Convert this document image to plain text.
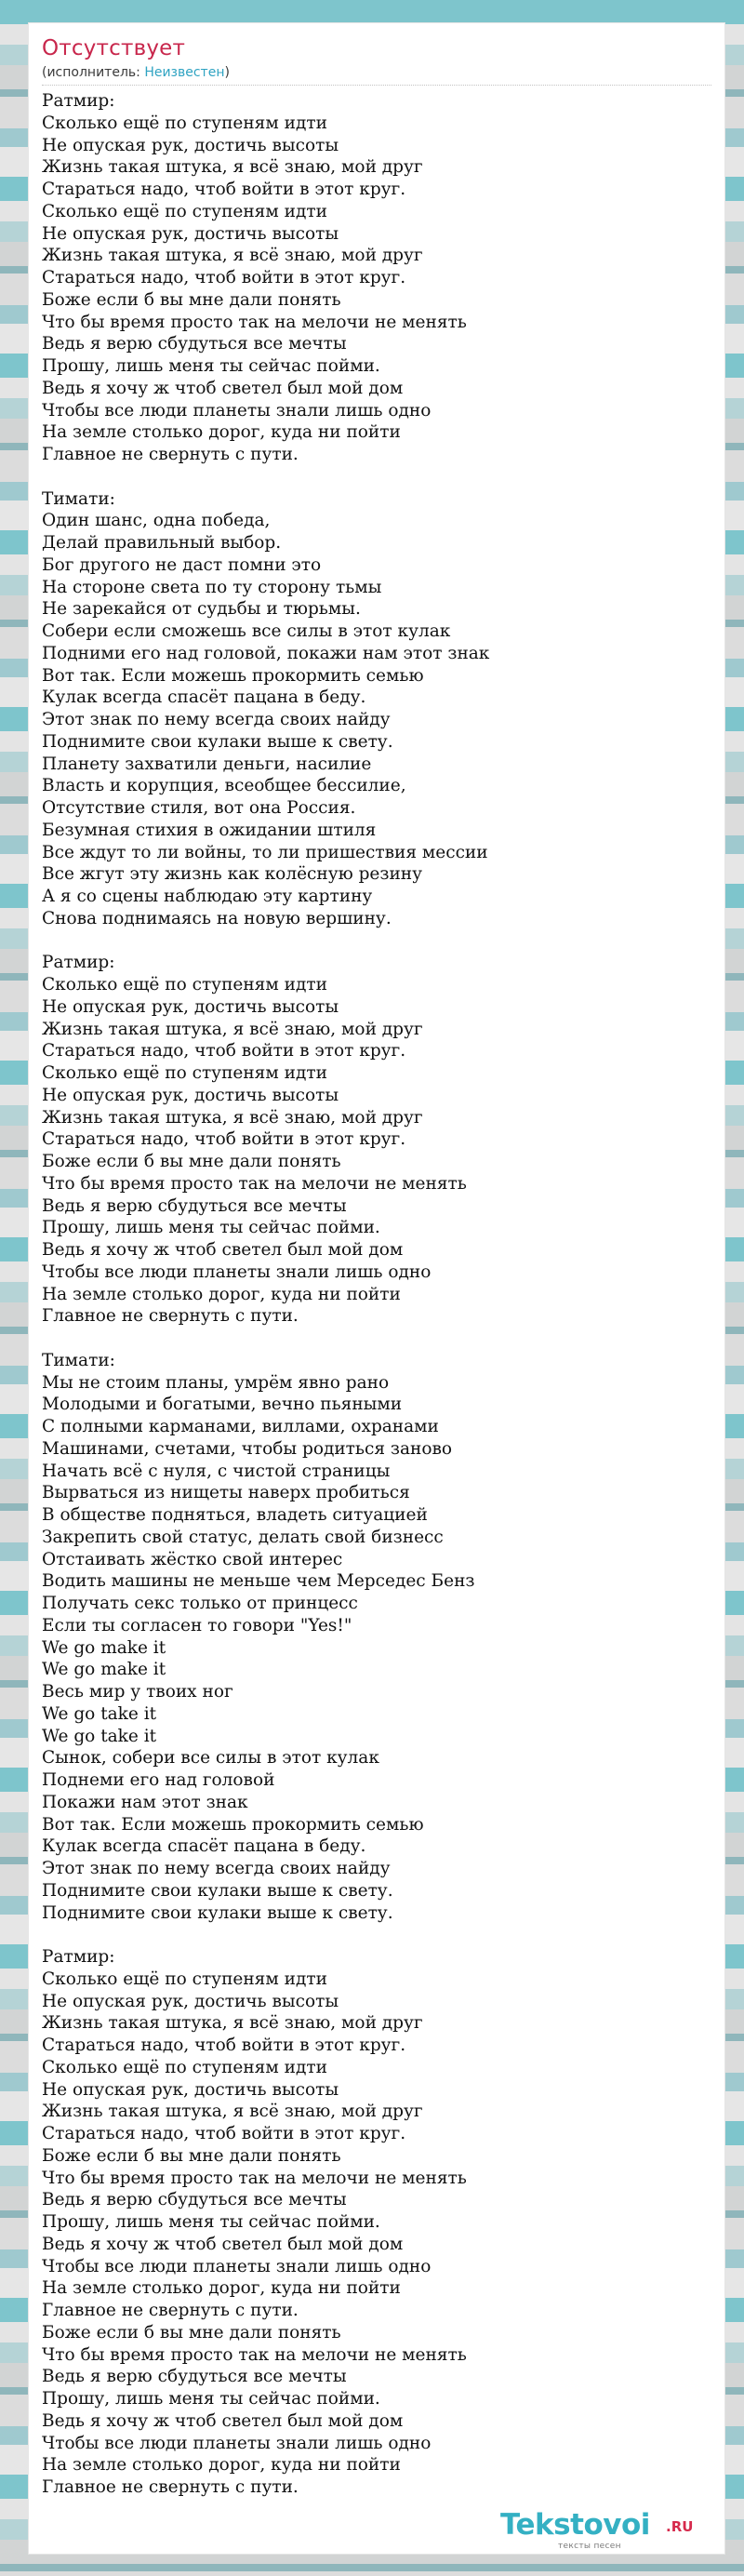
Отсутствует
(исполнитель: Неизвестен)
Ратмир:
Сколько ещё по ступеням идти
Не опуская рук, достичь высоты
Жизнь такая штука, я всё знаю, мой друг
Стараться надо, чтоб войти в этот круг.
Сколько ещё по ступеням идти
Не опуская рук, достичь высоты
Жизнь такая штука, я всё знаю, мой друг
Стараться надо, чтоб войти в этот круг.
Боже если б вы мне дали понять
Что бы время просто так на мелочи не менять
Ведь я верю сбудуться все мечты
Прошу, лишь меня ты сейчас пойми.
Ведь я хочу ж чтоб светел был мой дом
Чтобы все люди планеты знали лишь одно
На земле столько дорог, куда ни пойти
Главное не свернуть с пути.

Тимати:
Один шанс, одна победа,
Делай правильный выбор.
Бог другого не даст помни это
На стороне света по ту сторону тьмы
Не зарекайся от судьбы и тюрьмы.
Собери если сможешь все силы в этот кулак
Подними его над головой, покажи нам этот знак
Вот так. Если можешь прокормить семью
Кулак всегда спасёт пацана в беду.
Этот знак по нему всегда своих найду
Поднимите свои кулаки выше к свету.
Планету захватили деньги, насилие
Власть и корупция, всеобщее бессилие,
Отсутствие стиля, вот она Россия.
Безумная стихия в ожидании штиля
Все ждут то ли войны, то ли пришествия мессии
Все жгут эту жизнь как колёсную резину
А я со сцены наблюдаю эту картину
Снова поднимаясь на новую вершину.

Ратмир:
Сколько ещё по ступеням идти
Не опуская рук, достичь высоты
Жизнь такая штука, я всё знаю, мой друг
Стараться надо, чтоб войти в этот круг.
Сколько ещё по ступеням идти
Не опуская рук, достичь высоты
Жизнь такая штука, я всё знаю, мой друг
Стараться надо, чтоб войти в этот круг.
Боже если б вы мне дали понять
Что бы время просто так на мелочи не менять
Ведь я верю сбудуться все мечты
Прошу, лишь меня ты сейчас пойми.
Ведь я хочу ж чтоб светел был мой дом
Чтобы все люди планеты знали лишь одно
На земле столько дорог, куда ни пойти
Главное не свернуть с пути.

Тимати:
Мы не стоим планы, умрём явно рано
Молодыми и богатыми, вечно пьяными
С полными карманами, виллами, охранами
Машинами, счетами, чтобы родиться заново
Начать всё с нуля, с чистой страницы
Вырваться из нищеты наверх пробиться
В обществе подняться, владеть ситуацией
Закрепить свой статус, делать свой бизнесс
Отстаивать жёстко свой интерес
Водить машины не меньше чем Мерседес Бенз
Получать секс только от принцесс
Если ты согласен то говори "Yes!"
We go make it
We go make it
Весь мир у твоих ног
We go take it
We go take it
Сынок, собери все силы в этот кулак
Поднеми его над головой
Покажи нам этот знак
Вот так. Если можешь прокормить семью
Кулак всегда спасёт пацана в беду.
Этот знак по нему всегда своих найду
Поднимите свои кулаки выше к свету.
Поднимите свои кулаки выше к свету.

Ратмир:
Сколько ещё по ступеням идти
Не опуская рук, достичь высоты
Жизнь такая штука, я всё знаю, мой друг
Стараться надо, чтоб войти в этот круг.
Сколько ещё по ступеням идти
Не опуская рук, достичь высоты
Жизнь такая штука, я всё знаю, мой друг
Стараться надо, чтоб войти в этот круг.
Боже если б вы мне дали понять
Что бы время просто так на мелочи не менять
Ведь я верю сбудуться все мечты
Прошу, лишь меня ты сейчас пойми.
Ведь я хочу ж чтоб светел был мой дом
Чтобы все люди планеты знали лишь одно
На земле столько дорог, куда ни пойти
Главное не свернуть с пути.
Боже если б вы мне дали понять
Что бы время просто так на мелочи не менять
Ведь я верю сбудуться все мечты
Прошу, лишь меня ты сейчас пойми.
Ведь я хочу ж чтоб светел был мой дом
Чтобы все люди планеты знали лишь одно
На земле столько дорог, куда ни пойти
Главное не свернуть с пути.
Tekstovoi .RU
тексты песен
